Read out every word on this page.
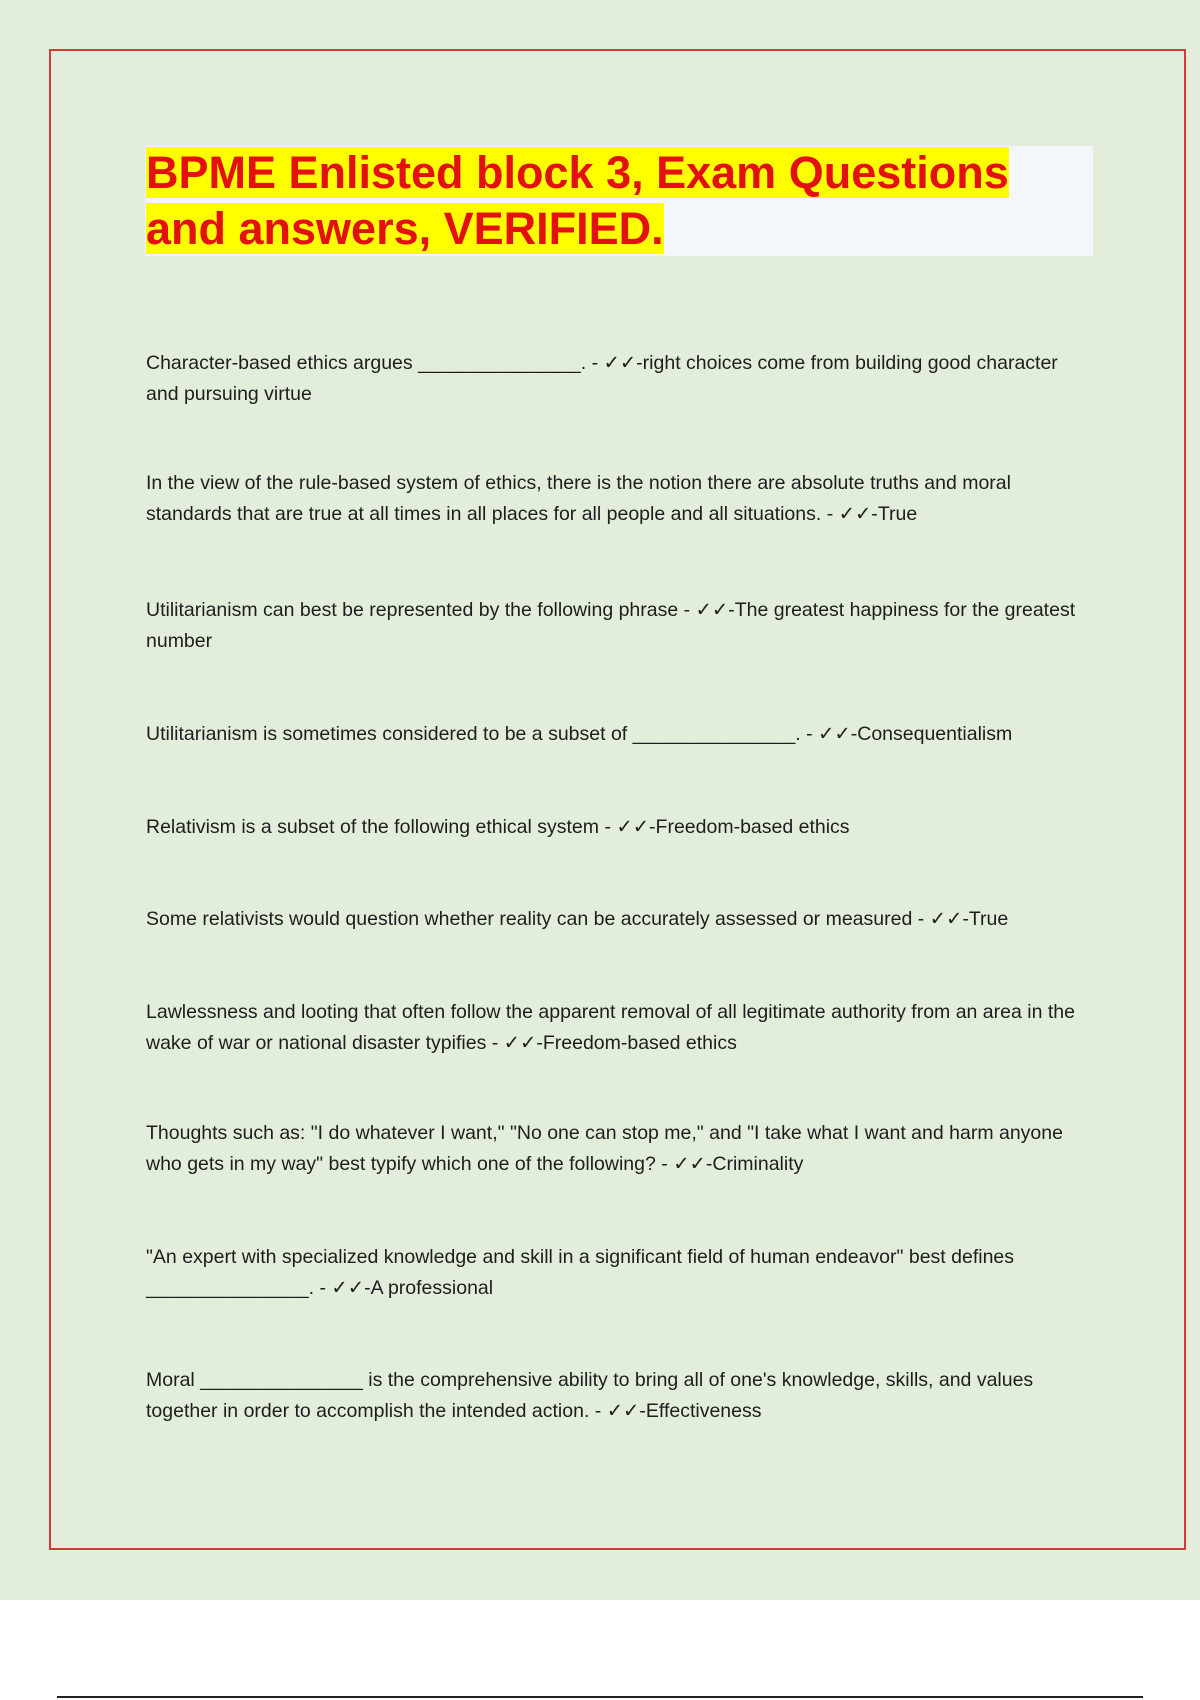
BPME Enlisted block 3, Exam Questions and answers, VERIFIED.

Character-based ethics argues _______________. - ✓✓-right choices come from building good character and pursuing virtue

In the view of the rule-based system of ethics, there is the notion there are absolute truths and moral standards that are true at all times in all places for all people and all situations. - ✓✓-True

Utilitarianism can best be represented by the following phrase - ✓✓-The greatest happiness for the greatest number

Utilitarianism is sometimes considered to be a subset of _______________. - ✓✓-Consequentialism

Relativism is a subset of the following ethical system - ✓✓-Freedom-based ethics

Some relativists would question whether reality can be accurately assessed or measured - ✓✓-True

Lawlessness and looting that often follow the apparent removal of all legitimate authority from an area in the wake of war or national disaster typifies - ✓✓-Freedom-based ethics

Thoughts such as: "I do whatever I want," "No one can stop me," and "I take what I want and harm anyone who gets in my way" best typify which one of the following? - ✓✓-Criminality

"An expert with specialized knowledge and skill in a significant field of human endeavor" best defines _______________. - ✓✓-A professional

Moral _______________ is the comprehensive ability to bring all of one's knowledge, skills, and values together in order to accomplish the intended action. - ✓✓-Effectiveness
